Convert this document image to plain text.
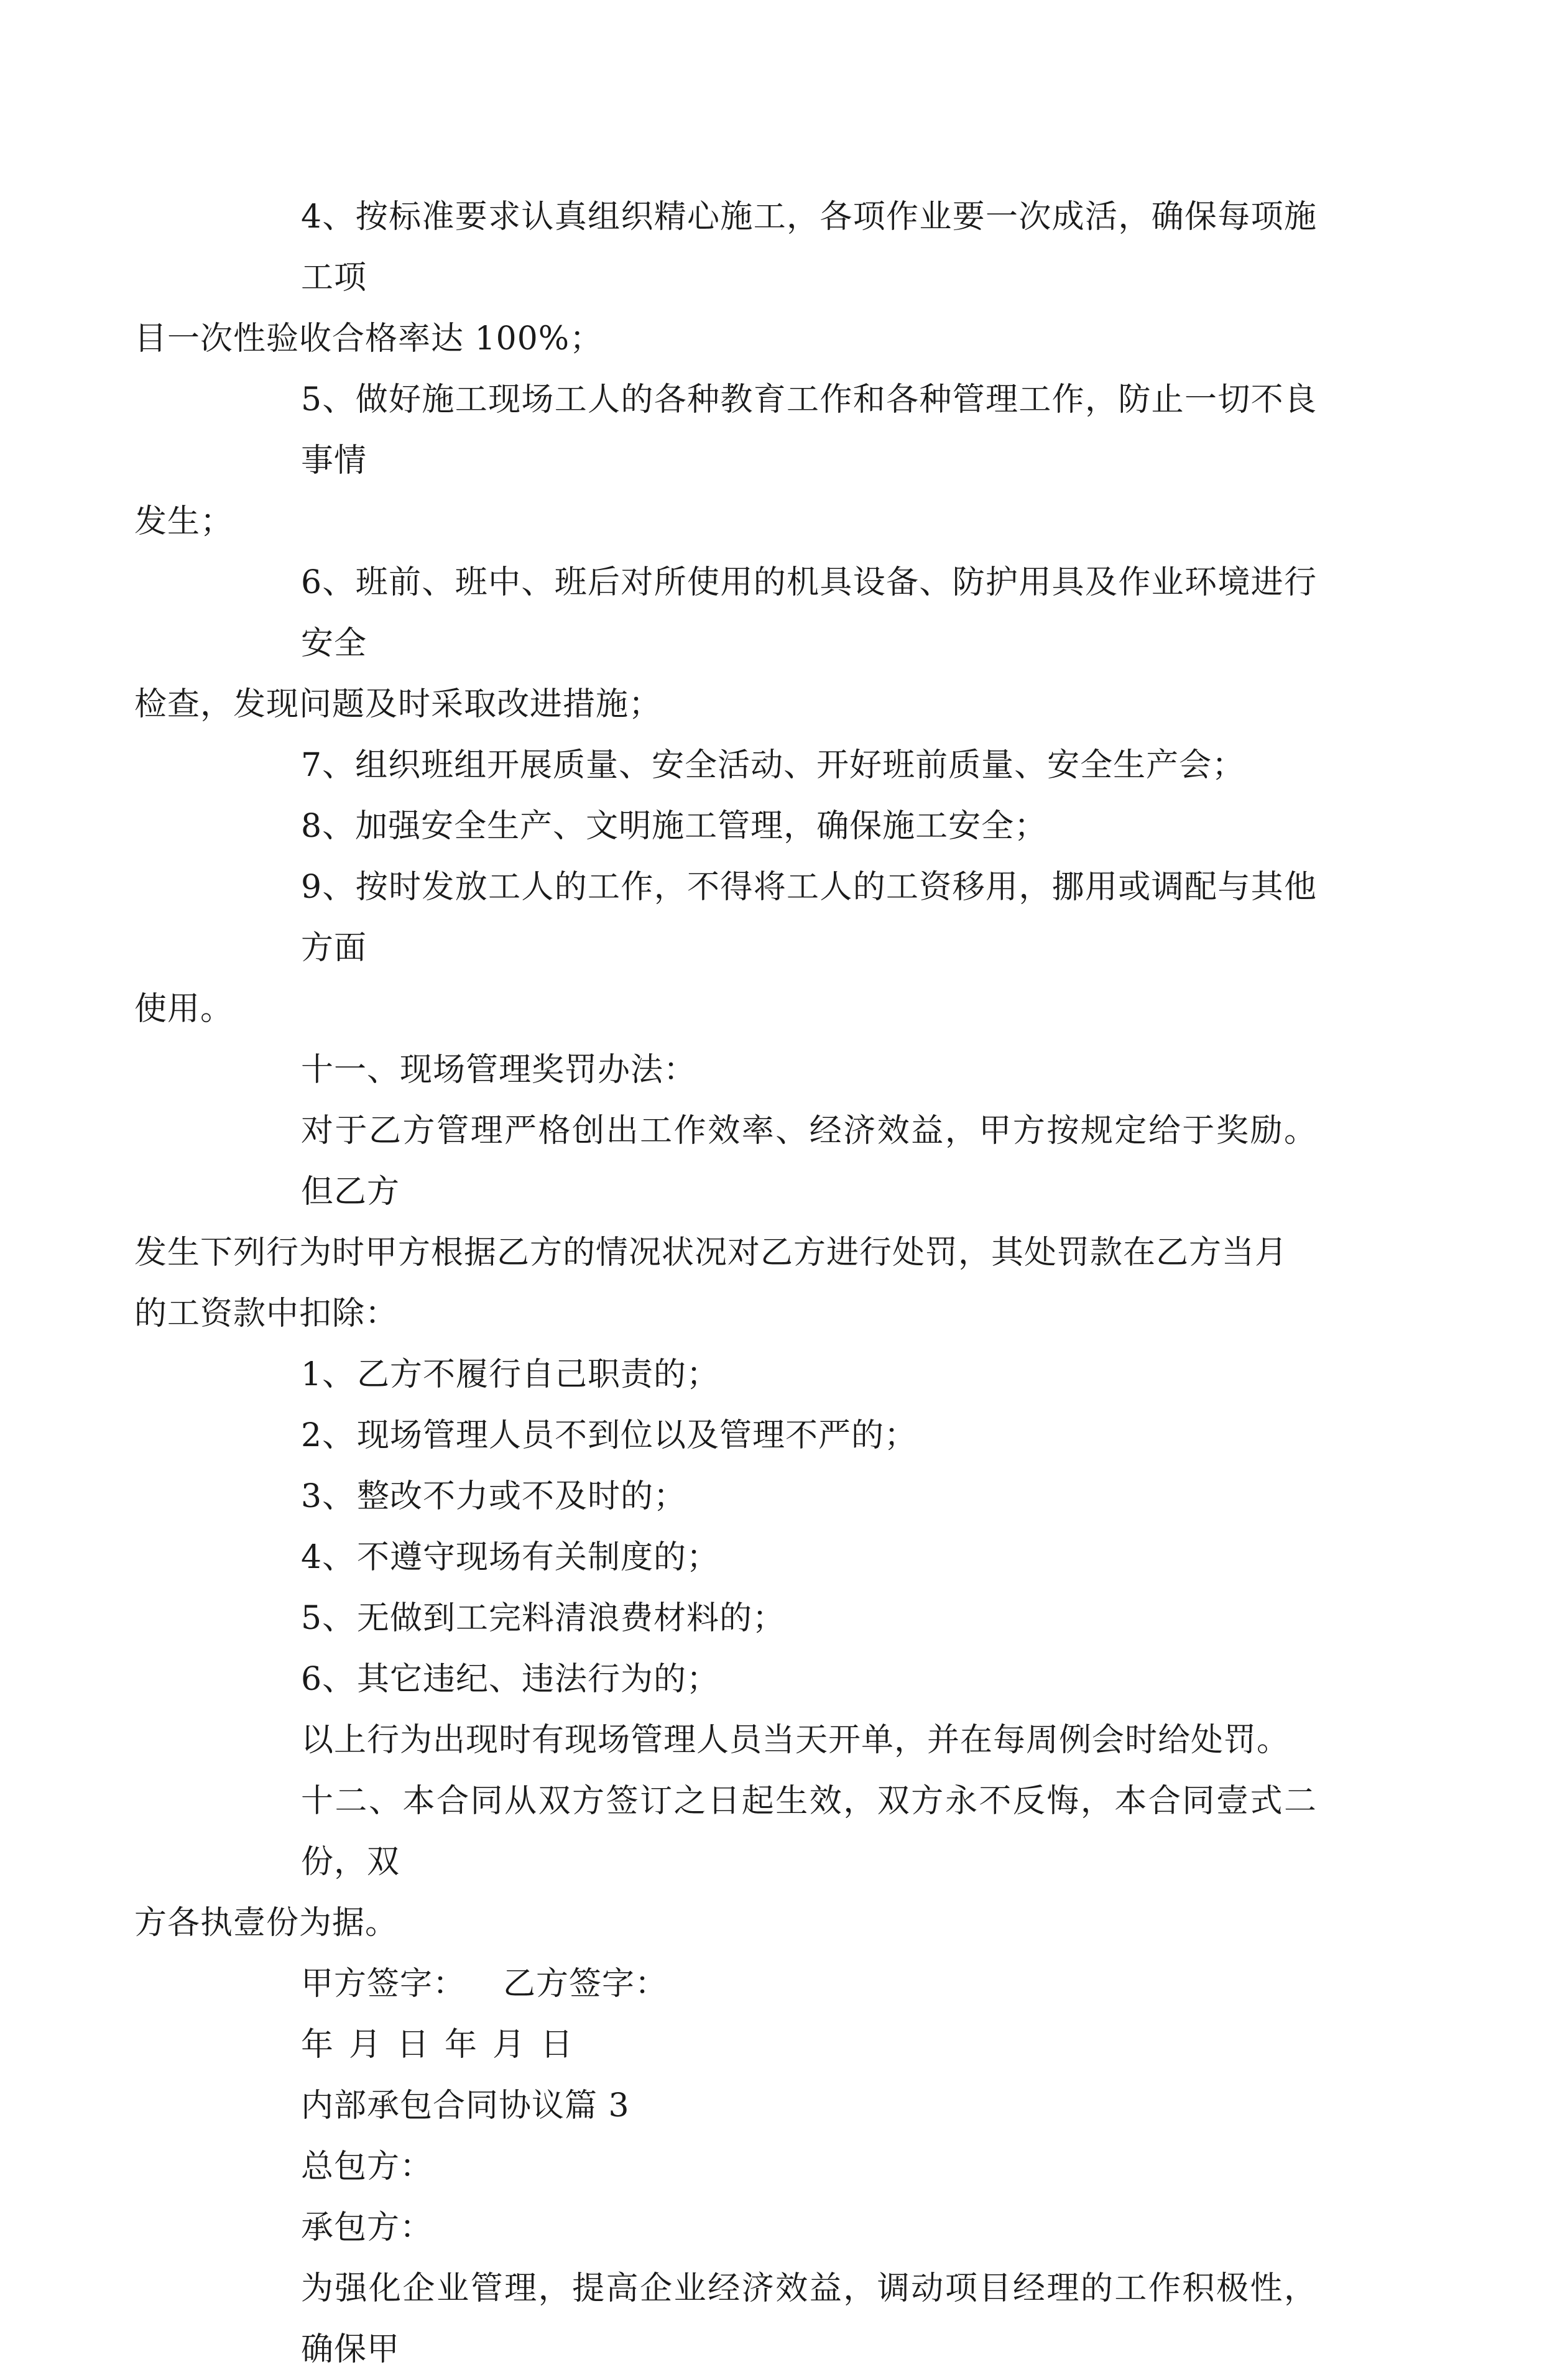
4、按标准要求认真组织精心施工，各项作业要一次成活，确保每项施工项

目一次性验收合格率达 100%；

5、做好施工现场工人的各种教育工作和各种管理工作，防止一切不良事情

发生；

6、班前、班中、班后对所使用的机具设备、防护用具及作业环境进行安全

检查，发现问题及时采取改进措施；

7、组织班组开展质量、安全活动、开好班前质量、安全生产会；

8、加强安全生产、文明施工管理，确保施工安全；

9、按时发放工人的工作，不得将工人的工资移用，挪用或调配与其他方面

使用。

十一、现场管理奖罚办法：

对于乙方管理严格创出工作效率、经济效益，甲方按规定给于奖励。但乙方

发生下列行为时甲方根据乙方的情况状况对乙方进行处罚，其处罚款在乙方当月

的工资款中扣除：

1、乙方不履行自己职责的；

2、现场管理人员不到位以及管理不严的；

3、整改不力或不及时的；

4、不遵守现场有关制度的；

5、无做到工完料清浪费材料的；

6、其它违纪、违法行为的；

以上行为出现时有现场管理人员当天开单，并在每周例会时给处罚。

十二、本合同从双方签订之日起生效，双方永不反悔，本合同壹式二份，双

方各执壹份为据。

甲方签字： 乙方签字：

年 月 日 年 月 日

内部承包合同协议篇 3

总包方：

承包方：

为强化企业管理，提高企业经济效益，调动项目经理的工作积极性，确保甲
